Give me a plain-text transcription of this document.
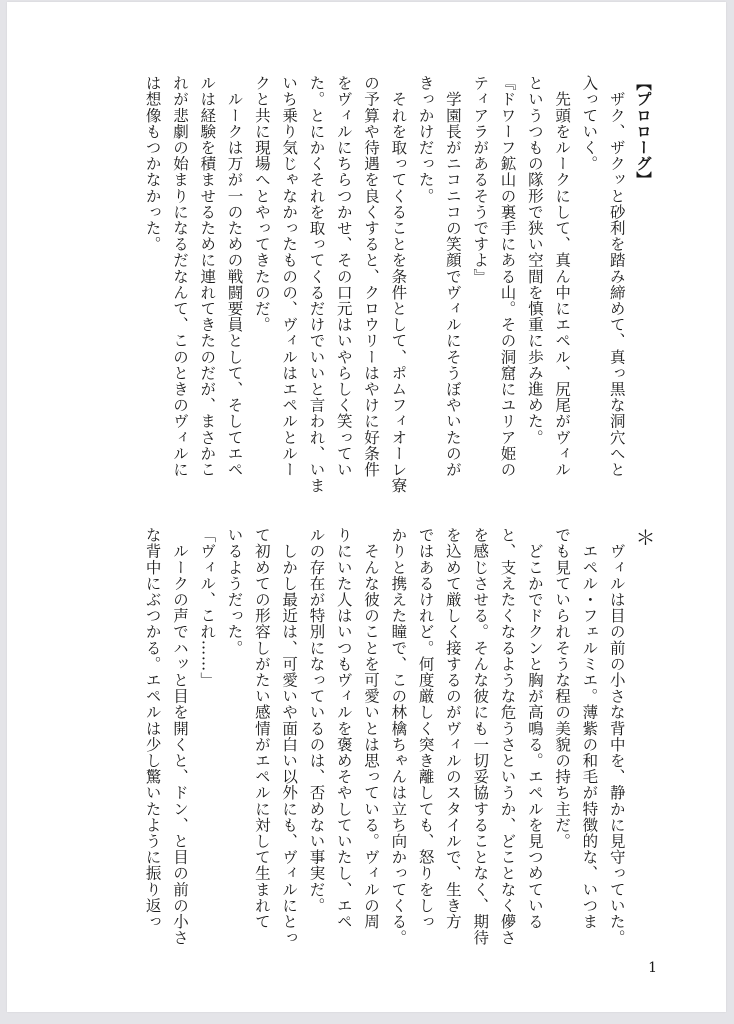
【プロローグ】
　ザク、ザクッと砂利を踏み締めて、真っ黒な洞穴へと
入っていく。
　先頭をルークにして、真ん中にエペル、尻尾がヴィル
というつもの隊形で狭い空間を慎重に歩み進めた。
『ドワーフ鉱山の裏手にある山。その洞窟にユリア姫の
ティアラがあるそうですよ』
　学園長がニコニコの笑顔でヴィルにそうぼやいたのが
きっかけだった。
　それを取ってくることを条件として、ポムフィオーレ寮
の予算や待遇を良くすると、クロウリーはやけに好条件
をヴィルにちらつかせ、その口元はいやらしく笑ってい
た。とにかくそれを取ってくるだけでいいと言われ、いま
いち乗り気じゃなかったものの、ヴィルはエペルとルー
クと共に現場へとやってきたのだ。
　ルークは万が一のための戦闘要員として、そしてエペ
ルは経験を積ませるために連れてきたのだが、まさかこ
れが悲劇の始まりになるだなんて、このときのヴィルに
は想像もつかなかった。
＊
　ヴィルは目の前の小さな背中を、静かに見守っていた。
　エペル・フェルミエ。薄紫の和毛が特徴的な、いつま
でも見ていられそうな程の美貌の持ち主だ。
　どこかでドクンと胸が高鳴る。エペルを見つめている
と、支えたくなるような危うさというか、どことなく儚さ
を感じさせる。そんな彼にも一切妥協することなく、期待
を込めて厳しく接するのがヴィルのスタイルで、生き方
ではあるけれど。何度厳しく突き離しても、怒りをしっ
かりと携えた瞳で、この林檎ちゃんは立ち向かってくる。
　そんな彼のことを可愛いとは思っている。ヴィルの周
りにいた人はいつもヴィルを褒めそやしていたし、エペ
ルの存在が特別になっているのは、否めない事実だ。
　しかし最近は、可愛いや面白い以外にも、ヴィルにとっ
て初めての形容しがたい感情がエペルに対して生まれて
いるようだった。
「ヴィル、これ……」
　ルークの声でハッと目を開くと、ドン、と目の前の小さ
な背中にぶつかる。エペルは少し驚いたように振り返っ
1
